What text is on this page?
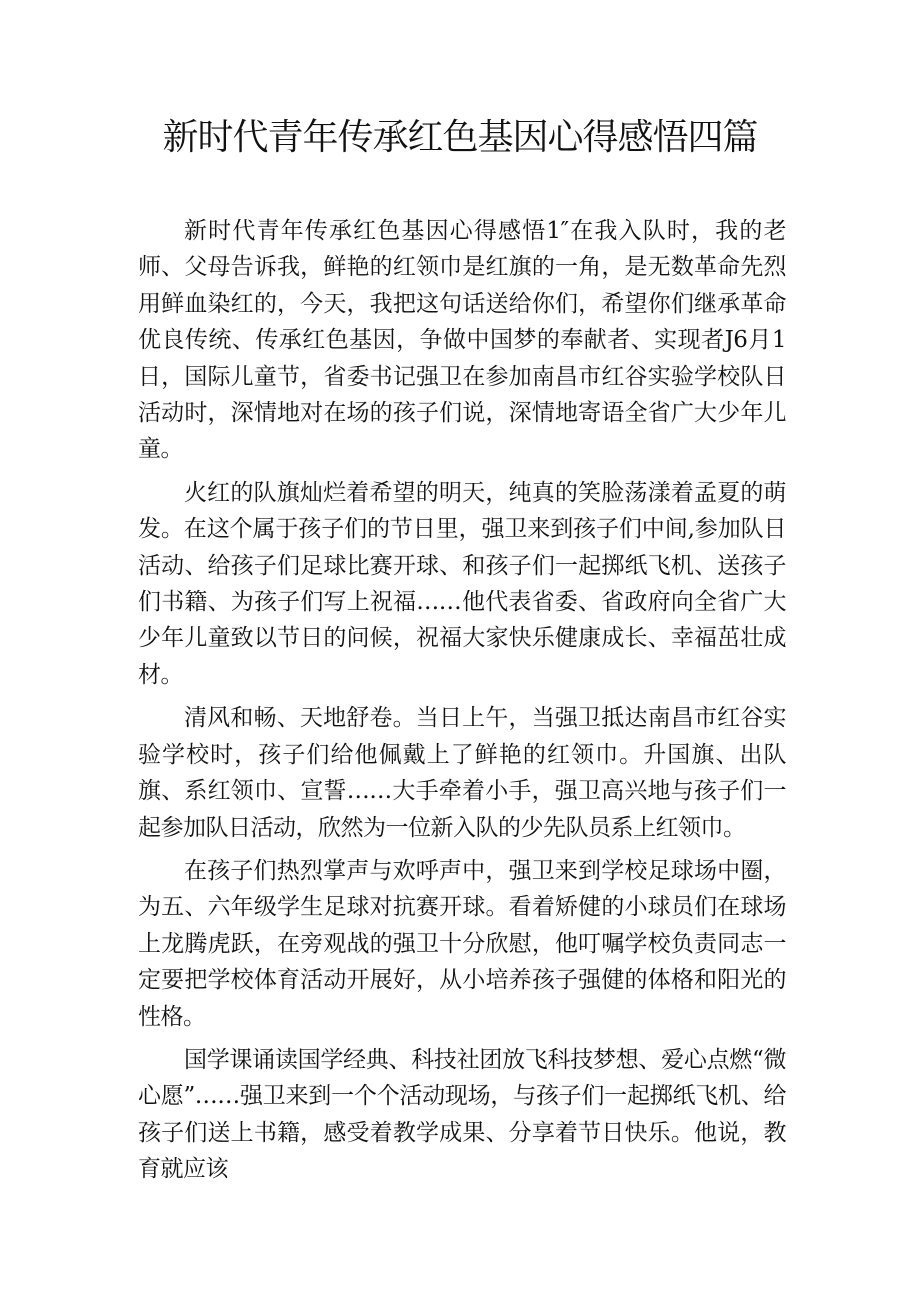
新时代青年传承红色基因心得感悟四篇

新时代青年传承红色基因心得感悟1″在我入队时，我的老师、父母告诉我，鲜艳的红领巾是红旗的一角，是无数革命先烈用鲜血染红的，今天，我把这句话送给你们，希望你们继承革命优良传统、传承红色基因，争做中国梦的奉献者、实现者J6月1日，国际儿童节，省委书记强卫在参加南昌市红谷实验学校队日活动时，深情地对在场的孩子们说，深情地寄语全省广大少年儿童。

火红的队旗灿烂着希望的明天，纯真的笑脸荡漾着孟夏的萌发。在这个属于孩子们的节日里，强卫来到孩子们中间,参加队日活动、给孩子们足球比赛开球、和孩子们一起掷纸飞机、送孩子们书籍、为孩子们写上祝福……他代表省委、省政府向全省广大少年儿童致以节日的问候，祝福大家快乐健康成长、幸福茁壮成材。

清风和畅、天地舒卷。当日上午，当强卫抵达南昌市红谷实验学校时，孩子们给他佩戴上了鲜艳的红领巾。升国旗、出队旗、系红领巾、宣誓……大手牵着小手，强卫高兴地与孩子们一起参加队日活动，欣然为一位新入队的少先队员系上红领巾。

在孩子们热烈掌声与欢呼声中，强卫来到学校足球场中圈，为五、六年级学生足球对抗赛开球。看着矫健的小球员们在球场上龙腾虎跃，在旁观战的强卫十分欣慰，他叮嘱学校负责同志一定要把学校体育活动开展好，从小培养孩子强健的体格和阳光的性格。

国学课诵读国学经典、科技社团放飞科技梦想、爱心点燃“微心愿”……强卫来到一个个活动现场，与孩子们一起掷纸飞机、给孩子们送上书籍，感受着教学成果、分享着节日快乐。他说，教育就应该
